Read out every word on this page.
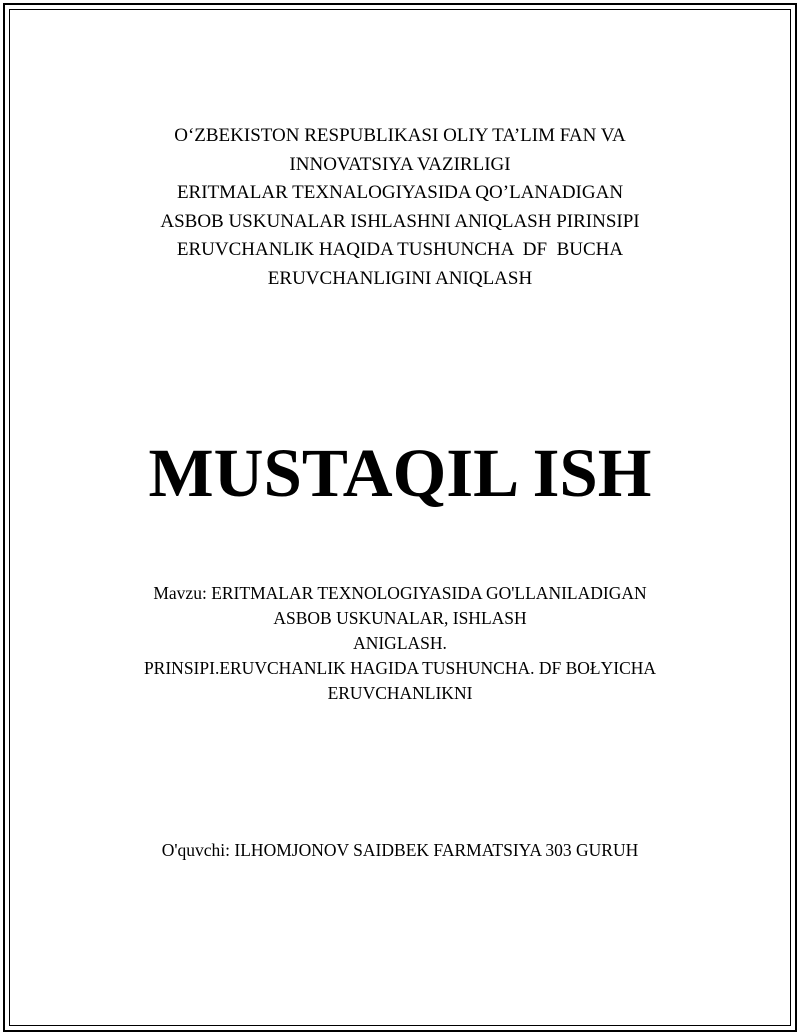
O‘ZBEKISTON RESPUBLIKASI OLIY TA’LIM FAN VA
INNOVATSIYA VAZIRLIGI
ERITMALAR TEXNALOGIYASIDA QO’LANADIGAN
ASBOB USKUNALAR ISHLASHNI ANIQLASH PIRINSIPI
ERUVCHANLIK HAQIDA TUSHUNCHA  DF  BUCHA
ERUVCHANLIGINI ANIQLASH
MUSTAQIL ISH
Mavzu: ERITMALAR TEXNOLOGIYASIDA GO'LLANILADIGAN
ASBOB USKUNALAR, ISHLASH
ANIGLASH.
PRINSIPI.ERUVCHANLIK HAGIDA TUSHUNCHA. DF BOŁYICHA
ERUVCHANLIKNI
O'quvchi: ILHOMJONOV SAIDBEK FARMATSIYA 303 GURUH
